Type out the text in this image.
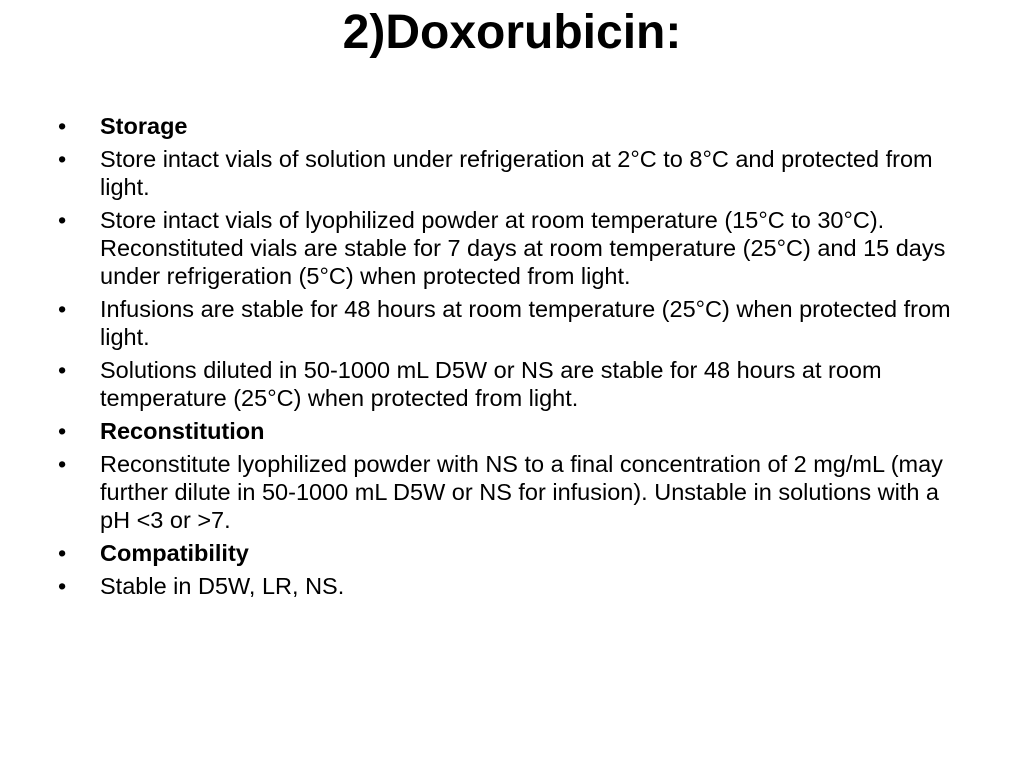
2)Doxorubicin:
•	Storage
•	Store intact vials of solution under refrigeration at 2°C to 8°C and protected from light.
•	Store intact vials of lyophilized powder at room temperature (15°C to 30°C). Reconstituted vials are stable for 7 days at room temperature (25°C) and 15 days under refrigeration (5°C) when protected from light.
•	Infusions are stable for 48 hours at room temperature (25°C) when protected from light.
•	Solutions diluted in 50-1000 mL D5W or NS are stable for 48 hours at room temperature (25°C) when protected from light.
•	Reconstitution
•	Reconstitute lyophilized powder with NS to a final concentration of 2 mg/mL (may further dilute in 50-1000 mL D5W or NS for infusion). Unstable in solutions with a pH <3 or >7.
•	Compatibility
•	Stable in D5W, LR, NS.
